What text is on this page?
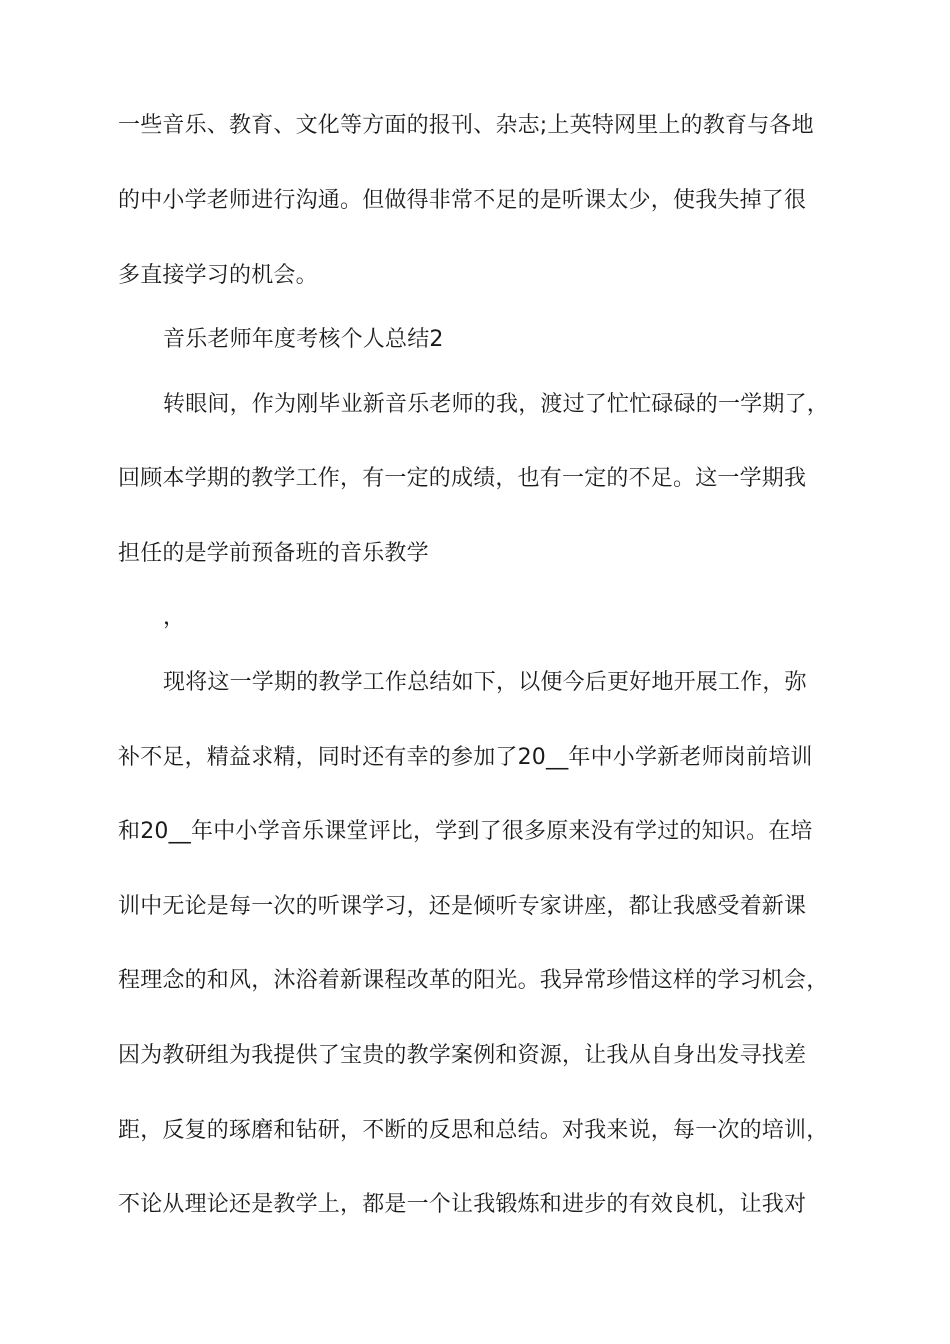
一些音乐、教育、文化等方面的报刊、杂志;上英特网里上的教育与各地
的中小学老师进行沟通。但做得非常不足的是听课太少，使我失掉了很
多直接学习的机会。
音乐老师年度考核个人总结2
转眼间，作为刚毕业新音乐老师的我，渡过了忙忙碌碌的一学期了，
回顾本学期的教学工作，有一定的成绩，也有一定的不足。这一学期我
担任的是学前预备班的音乐教学
，
现将这一学期的教学工作总结如下，以便今后更好地开展工作，弥
补不足，精益求精，同时还有幸的参加了20__年中小学新老师岗前培训
和20__年中小学音乐课堂评比，学到了很多原来没有学过的知识。在培
训中无论是每一次的听课学习，还是倾听专家讲座，都让我感受着新课
程理念的和风，沐浴着新课程改革的阳光。我异常珍惜这样的学习机会，
因为教研组为我提供了宝贵的教学案例和资源，让我从自身出发寻找差
距，反复的琢磨和钻研，不断的反思和总结。对我来说，每一次的培训，
不论从理论还是教学上，都是一个让我锻炼和进步的有效良机，让我对
